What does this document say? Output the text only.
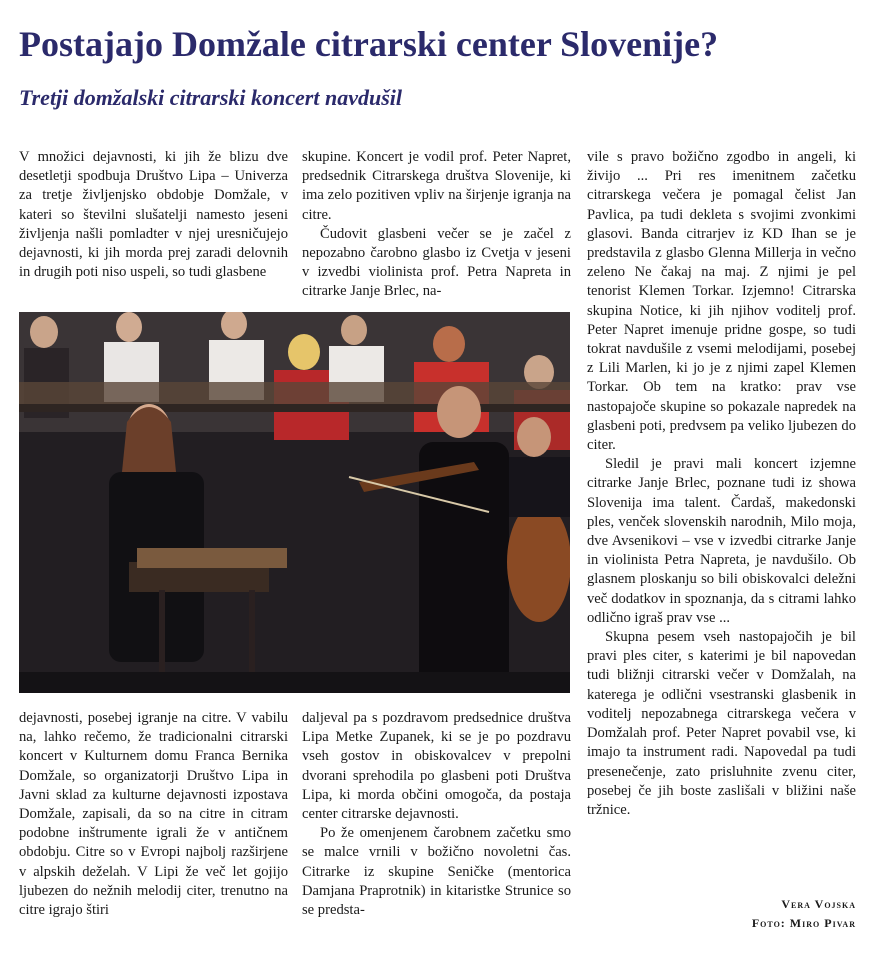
Postajajo Domžale citrarski center Slovenije?
Tretji domžalski citrarski koncert navdušil

V množici dejavnosti, ki jih že blizu dve desetletji spodbuja Društvo Lipa – Univerza za tretje življenjsko obdobje Domžale, v kateri so številni slušatelji namesto jeseni življenja našli pomladter v njej uresničujejo dejavnosti, ki jih morda prej zaradi delovnih in drugih poti niso uspeli, so tudi glasbene

skupine. Koncert je vodil prof. Peter Napret, predsednik Citrarskega društva Slovenije, ki ima zelo pozitiven vpliv na širjenje igranja na citre.

Čudovit glasbeni večer se je začel z nepozabno čarobno glasbo iz Cvetja v jeseni v izvedbi violinista prof. Petra Napreta in citrarke Janje Brlec, na-

vile s pravo božično zgodbo in angeli, ki živijo ... Pri res imenitnem začetku citrarskega večera je pomagal čelist Jan Pavlica, pa tudi dekleta s svojimi zvonkimi glasovi. Banda citrarjev iz KD Ihan se je predstavila z glasbo Glenna Millerja in večno zeleno Ne čakaj na maj. Z njimi je pel tenorist Klemen Torkar. Izjemno! Citrarska skupina Notice, ki jih njihov voditelj prof. Peter Napret imenuje pridne gospe, so tudi tokrat navdušile z vsemi melodijami, posebej z Lili Marlen, ki jo je z njimi zapel Klemen Torkar. Ob tem na kratko: prav vse nastopajoče skupine so pokazale napredek na glasbeni poti, predvsem pa veliko ljubezen do citer.

Sledil je pravi mali koncert izjemne citrarke Janje Brlec, poznane tudi iz showa Slovenija ima talent. Čardaš, makedonski ples, venček slovenskih narodnih, Milo moja, dve Avsenikovi – vse v izvedbi citrarke Janje in violinista Petra Napreta, je navdušilo. Ob glasnem ploskanju so bili obiskovalci deležni več dodatkov in spoznanja, da s citrami lahko odlično igraš prav vse ...

Skupna pesem vseh nastopajočih je bil pravi ples citer, s katerimi je bil napovedan tudi bližnji citrarski večer v Domžalah, na katerega je odlični vsestranski glasbenik in voditelj nepozabnega citrarskega večera v Domžalah prof. Peter Napret povabil vse, ki imajo ta instrument radi. Napovedal pa tudi presenečenje, zato prisluhnite zvenu citer, posebej če jih boste zaslišali v bližini naše tržnice.

dejavnosti, posebej igranje na citre. V vabilu na, lahko rečemo, že tradicionalni citrarski koncert v Kulturnem domu Franca Bernika Domžale, so organizatorji Društvo Lipa in Javni sklad za kulturne dejavnosti izpostava Domžale, zapisali, da so na citre in citram podobne inštrumente igrali že v antičnem obdobju. Citre so v Evropi najbolj razširjene v alpskih deželah. V Lipi že več let gojijo ljubezen do nežnih melodij citer, trenutno na citre igrajo štiri

daljeval pa s pozdravom predsednice društva Lipa Metke Zupanek, ki se je po pozdravu vseh gostov in obiskovalcev v prepolni dvorani sprehodila po glasbeni poti Društva Lipa, ki morda občini omogoča, da postaja center citrarske dejavnosti.

Po že omenjenem čarobnem začetku smo se malce vrnili v božično novoletni čas. Citrarke iz skupine Seničke (mentorica Damjana Praprotnik) in kitaristke Strunice so se predsta-	Vera Vojska
Foto: Miro Pivar
